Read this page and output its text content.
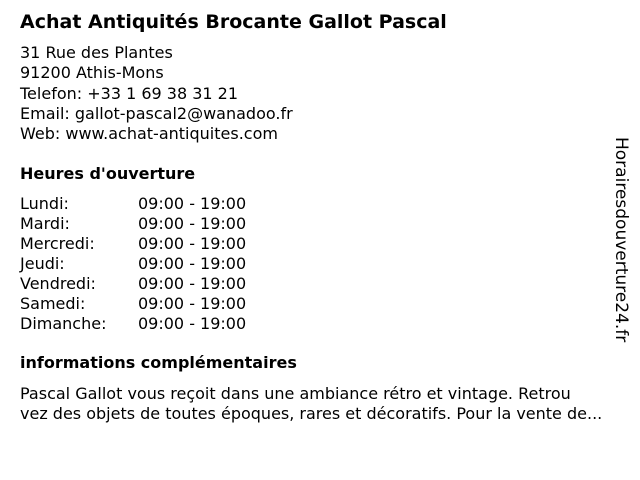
Achat Antiquités Brocante Gallot Pascal
31 Rue des Plantes
91200 Athis-Mons
Telefon: +33 1 69 38 31 21
Email: gallot-pascal2@wanadoo.fr
Web: www.achat-antiquites.com
Heures d'ouverture
Lundi:	09:00 - 19:00
Mardi:	09:00 - 19:00
Mercredi:	09:00 - 19:00
Jeudi:	09:00 - 19:00
Vendredi:	09:00 - 19:00
Samedi:	09:00 - 19:00
Dimanche:	09:00 - 19:00
informations complémentaires
Pascal Gallot vous reçoit dans une ambiance rétro et vintage. Retrou
vez des objets de toutes époques, rares et décoratifs. Pour la vente de...
Horairesdouverture24.fr
